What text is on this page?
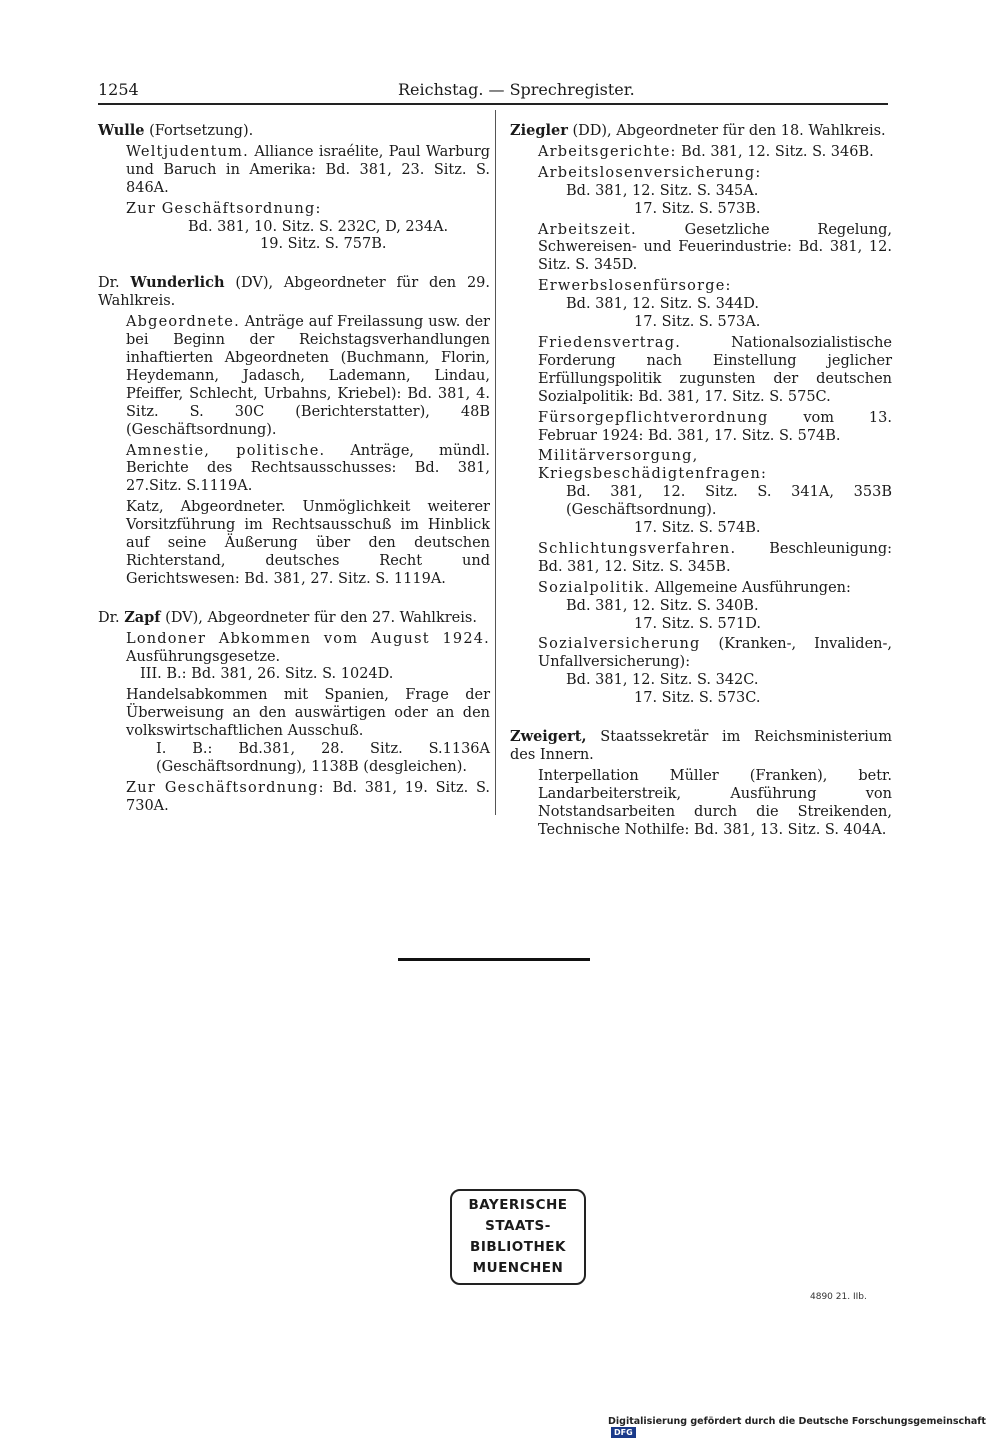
1254	Reichstag. — Sprechregister.
Wulle (Fortsetzung).
Weltjudentum. Alliance israélite, Paul Warburg und Baruch in Amerika: Bd. 381, 23. Sitz. S. 846A.
Zur Geschäftsordnung:
Bd. 381, 10. Sitz. S. 232C, D, 234A.
19. Sitz. S. 757B.
Dr. Wunderlich (DV), Abgeordneter für den 29. Wahlkreis.
Abgeordnete. Anträge auf Freilassung usw. der bei Beginn der Reichstagsverhandlungen inhaftierten Abgeordneten (Buchmann, Florin, Heydemann, Jadasch, Lademann, Lindau, Pfeiffer, Schlecht, Urbahns, Kriebel): Bd. 381, 4. Sitz. S. 30C (Berichterstatter), 48B (Geschäftsordnung).
Amnestie, politische. Anträge, mündl. Berichte des Rechtsausschusses: Bd. 381, 27.Sitz. S.1119A.
Katz, Abgeordneter. Unmöglichkeit weiterer Vorsitzführung im Rechtsausschuß im Hinblick auf seine Äußerung über den deutschen Richterstand, deutsches Recht und Gerichtswesen: Bd. 381, 27. Sitz. S. 1119A.
Dr. Zapf (DV), Abgeordneter für den 27. Wahlkreis.
Londoner Abkommen vom August 1924. Ausführungsgesetze.
III. B.: Bd. 381, 26. Sitz. S. 1024D.
Handelsabkommen mit Spanien, Frage der Überweisung an den auswärtigen oder an den volkswirtschaftlichen Ausschuß.
I. B.: Bd.381, 28. Sitz. S.1136A (Geschäftsordnung), 1138B (desgleichen).
Zur Geschäftsordnung: Bd. 381, 19. Sitz. S. 730A.
Ziegler (DD), Abgeordneter für den 18. Wahlkreis.
Arbeitsgerichte: Bd. 381, 12. Sitz. S. 346B.
Arbeitslosenversicherung:
Bd. 381, 12. Sitz. S. 345A.
17. Sitz. S. 573B.
Arbeitszeit. Gesetzliche Regelung, Schwereisen- und Feuerindustrie: Bd. 381, 12. Sitz. S. 345D.
Erwerbslosenfürsorge:
Bd. 381, 12. Sitz. S. 344D.
17. Sitz. S. 573A.
Friedensvertrag. Nationalsozialistische Forderung nach Einstellung jeglicher Erfüllungspolitik zugunsten der deutschen Sozialpolitik: Bd. 381, 17. Sitz. S. 575C.
Fürsorgepflichtverordnung vom 13. Februar 1924: Bd. 381, 17. Sitz. S. 574B.
Militärversorgung, Kriegsbeschädigtenfragen:
Bd. 381, 12. Sitz. S. 341A, 353B (Geschäftsordnung).
17. Sitz. S. 574B.
Schlichtungsverfahren. Beschleunigung: Bd. 381, 12. Sitz. S. 345B.
Sozialpolitik. Allgemeine Ausführungen:
Bd. 381, 12. Sitz. S. 340B.
17. Sitz. S. 571D.
Sozialversicherung (Kranken-, Invaliden-, Unfallversicherung):
Bd. 381, 12. Sitz. S. 342C.
17. Sitz. S. 573C.
Zweigert, Staatssekretär im Reichsministerium des Innern.
Interpellation Müller (Franken), betr. Landarbeiterstreik, Ausführung von Notstandsarbeiten durch die Streikenden, Technische Nothilfe: Bd. 381, 13. Sitz. S. 404A.
BAYERISCHE
STAATS-
BIBLIOTHEK
MUENCHEN
4890 21. IIb.
Digitalisierung gefördert durch die Deutsche Forschungsgemeinschaft DFG
